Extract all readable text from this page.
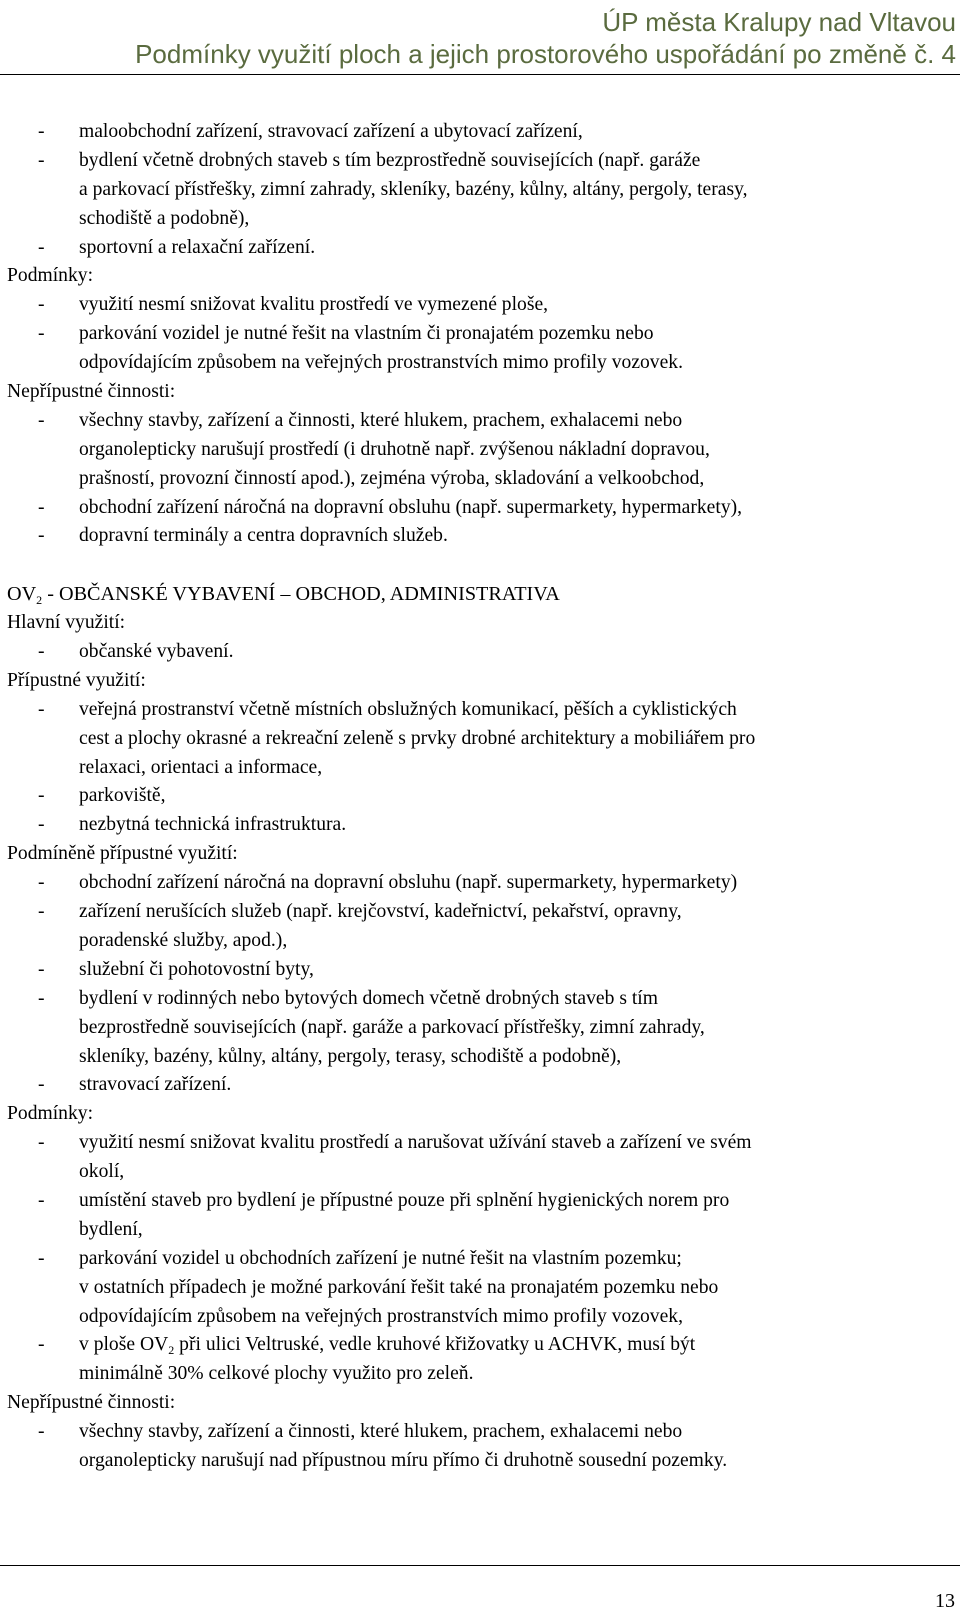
ÚP města Kralupy nad Vltavou
Podmínky využití ploch a jejich prostorového uspořádání po změně č. 4
- maloobchodní zařízení, stravovací zařízení a ubytovací zařízení,
- bydlení včetně drobných staveb s tím bezprostředně souvisejících (např. garáže
a parkovací přístřešky, zimní zahrady, skleníky, bazény, kůlny, altány, pergoly, terasy,
schodiště a podobně),
- sportovní a relaxační zařízení.
Podmínky:
- využití nesmí snižovat kvalitu prostředí ve vymezené ploše,
- parkování vozidel je nutné řešit na vlastním či pronajatém pozemku nebo
odpovídajícím způsobem na veřejných prostranstvích mimo profily vozovek.
Nepřípustné činnosti:
- všechny stavby, zařízení a činnosti, které hlukem, prachem, exhalacemi nebo
organolepticky narušují prostředí (i druhotně např. zvýšenou nákladní dopravou,
prašností, provozní činností apod.), zejména výroba, skladování a velkoobchod,
- obchodní zařízení náročná na dopravní obsluhu (např. supermarkety, hypermarkety),
- dopravní terminály a centra dopravních služeb.
$OV_2$ - OBČANSKÉ VYBAVENÍ – OBCHOD, ADMINISTRATIVA
Hlavní využití:
- občanské vybavení.
Přípustné využití:
- veřejná prostranství včetně místních obslužných komunikací, pěších a cyklistických
cest a plochy okrasné a rekreační zeleně s prvky drobné architektury a mobiliářem pro
relaxaci, orientaci a informace,
- parkoviště,
- nezbytná technická infrastruktura.
Podmíněně přípustné využití:
- obchodní zařízení náročná na dopravní obsluhu (např. supermarkety, hypermarkety)
- zařízení nerušících služeb (např. krejčovství, kadeřnictví, pekařství, opravny,
poradenské služby, apod.),
- služební či pohotovostní byty,
- bydlení v rodinných nebo bytových domech včetně drobných staveb s tím
bezprostředně souvisejících (např. garáže a parkovací přístřešky, zimní zahrady,
skleníky, bazény, kůlny, altány, pergoly, terasy, schodiště a podobně),
- stravovací zařízení.
Podmínky:
- využití nesmí snižovat kvalitu prostředí a narušovat užívání staveb a zařízení ve svém
okolí,
- umístění staveb pro bydlení je přípustné pouze při splnění hygienických norem pro
bydlení,
- parkování vozidel u obchodních zařízení je nutné řešit na vlastním pozemku;
v ostatních případech je možné parkování řešit také na pronajatém pozemku nebo
odpovídajícím způsobem na veřejných prostranstvích mimo profily vozovek,
- v ploše $OV_2$ při ulici Veltruské, vedle kruhové křižovatky u ACHVK, musí být
minimálně 30% celkové plochy využito pro zeleň.
Nepřípustné činnosti:
- všechny stavby, zařízení a činnosti, které hlukem, prachem, exhalacemi nebo
organolepticky narušují nad přípustnou míru přímo či druhotně sousední pozemky.
13
